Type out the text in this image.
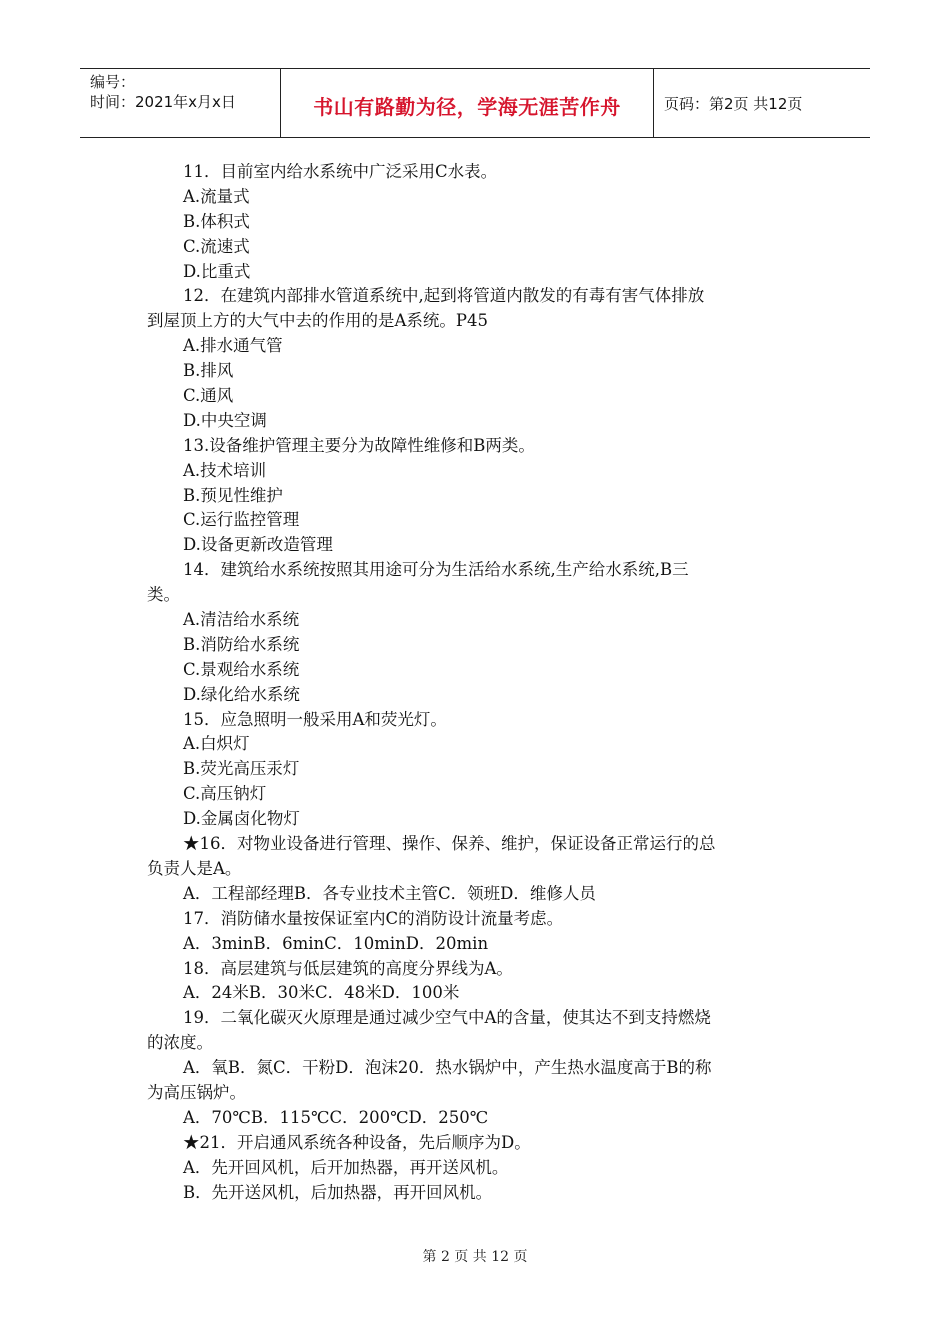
编号：
时间：2021年x月x日	书山有路勤为径，学海无涯苦作舟	页码：第2页 共12页
11．目前室内给水系统中广泛采用C水表。
A.流量式
B.体积式
C.流速式
D.比重式
12．在建筑内部排水管道系统中,起到将管道内散发的有毒有害气体排放
到屋顶上方的大气中去的作用的是A系统。P45
A.排水通气管
B.排风
C.通风
D.中央空调
13.设备维护管理主要分为故障性维修和B两类。
A.技术培训
B.预见性维护
C.运行监控管理
D.设备更新改造管理
14．建筑给水系统按照其用途可分为生活给水系统,生产给水系统,B三
类。
A.清洁给水系统
B.消防给水系统
C.景观给水系统
D.绿化给水系统
15．应急照明一般采用A和荧光灯。
A.白炽灯
B.荧光高压汞灯
C.高压钠灯
D.金属卤化物灯
★16．对物业设备进行管理、操作、保养、维护，保证设备正常运行的总
负责人是A。
A．工程部经理B．各专业技术主管C．领班D．维修人员
17．消防储水量按保证室内C的消防设计流量考虑。
A．3minB．6minC．10minD．20min
18．高层建筑与低层建筑的高度分界线为A。
A．24米B．30米C．48米D．100米
19．二氧化碳灭火原理是通过减少空气中A的含量，使其达不到支持燃烧
的浓度。
A．氧B．氮C．干粉D．泡沫20．热水锅炉中，产生热水温度高于B的称
为高压锅炉。
A．70℃B．115℃C．200℃D．250℃
★21．开启通风系统各种设备，先后顺序为D。
A．先开回风机，后开加热器，再开送风机。
B．先开送风机，后加热器，再开回风机。
第 2 页 共 12 页
